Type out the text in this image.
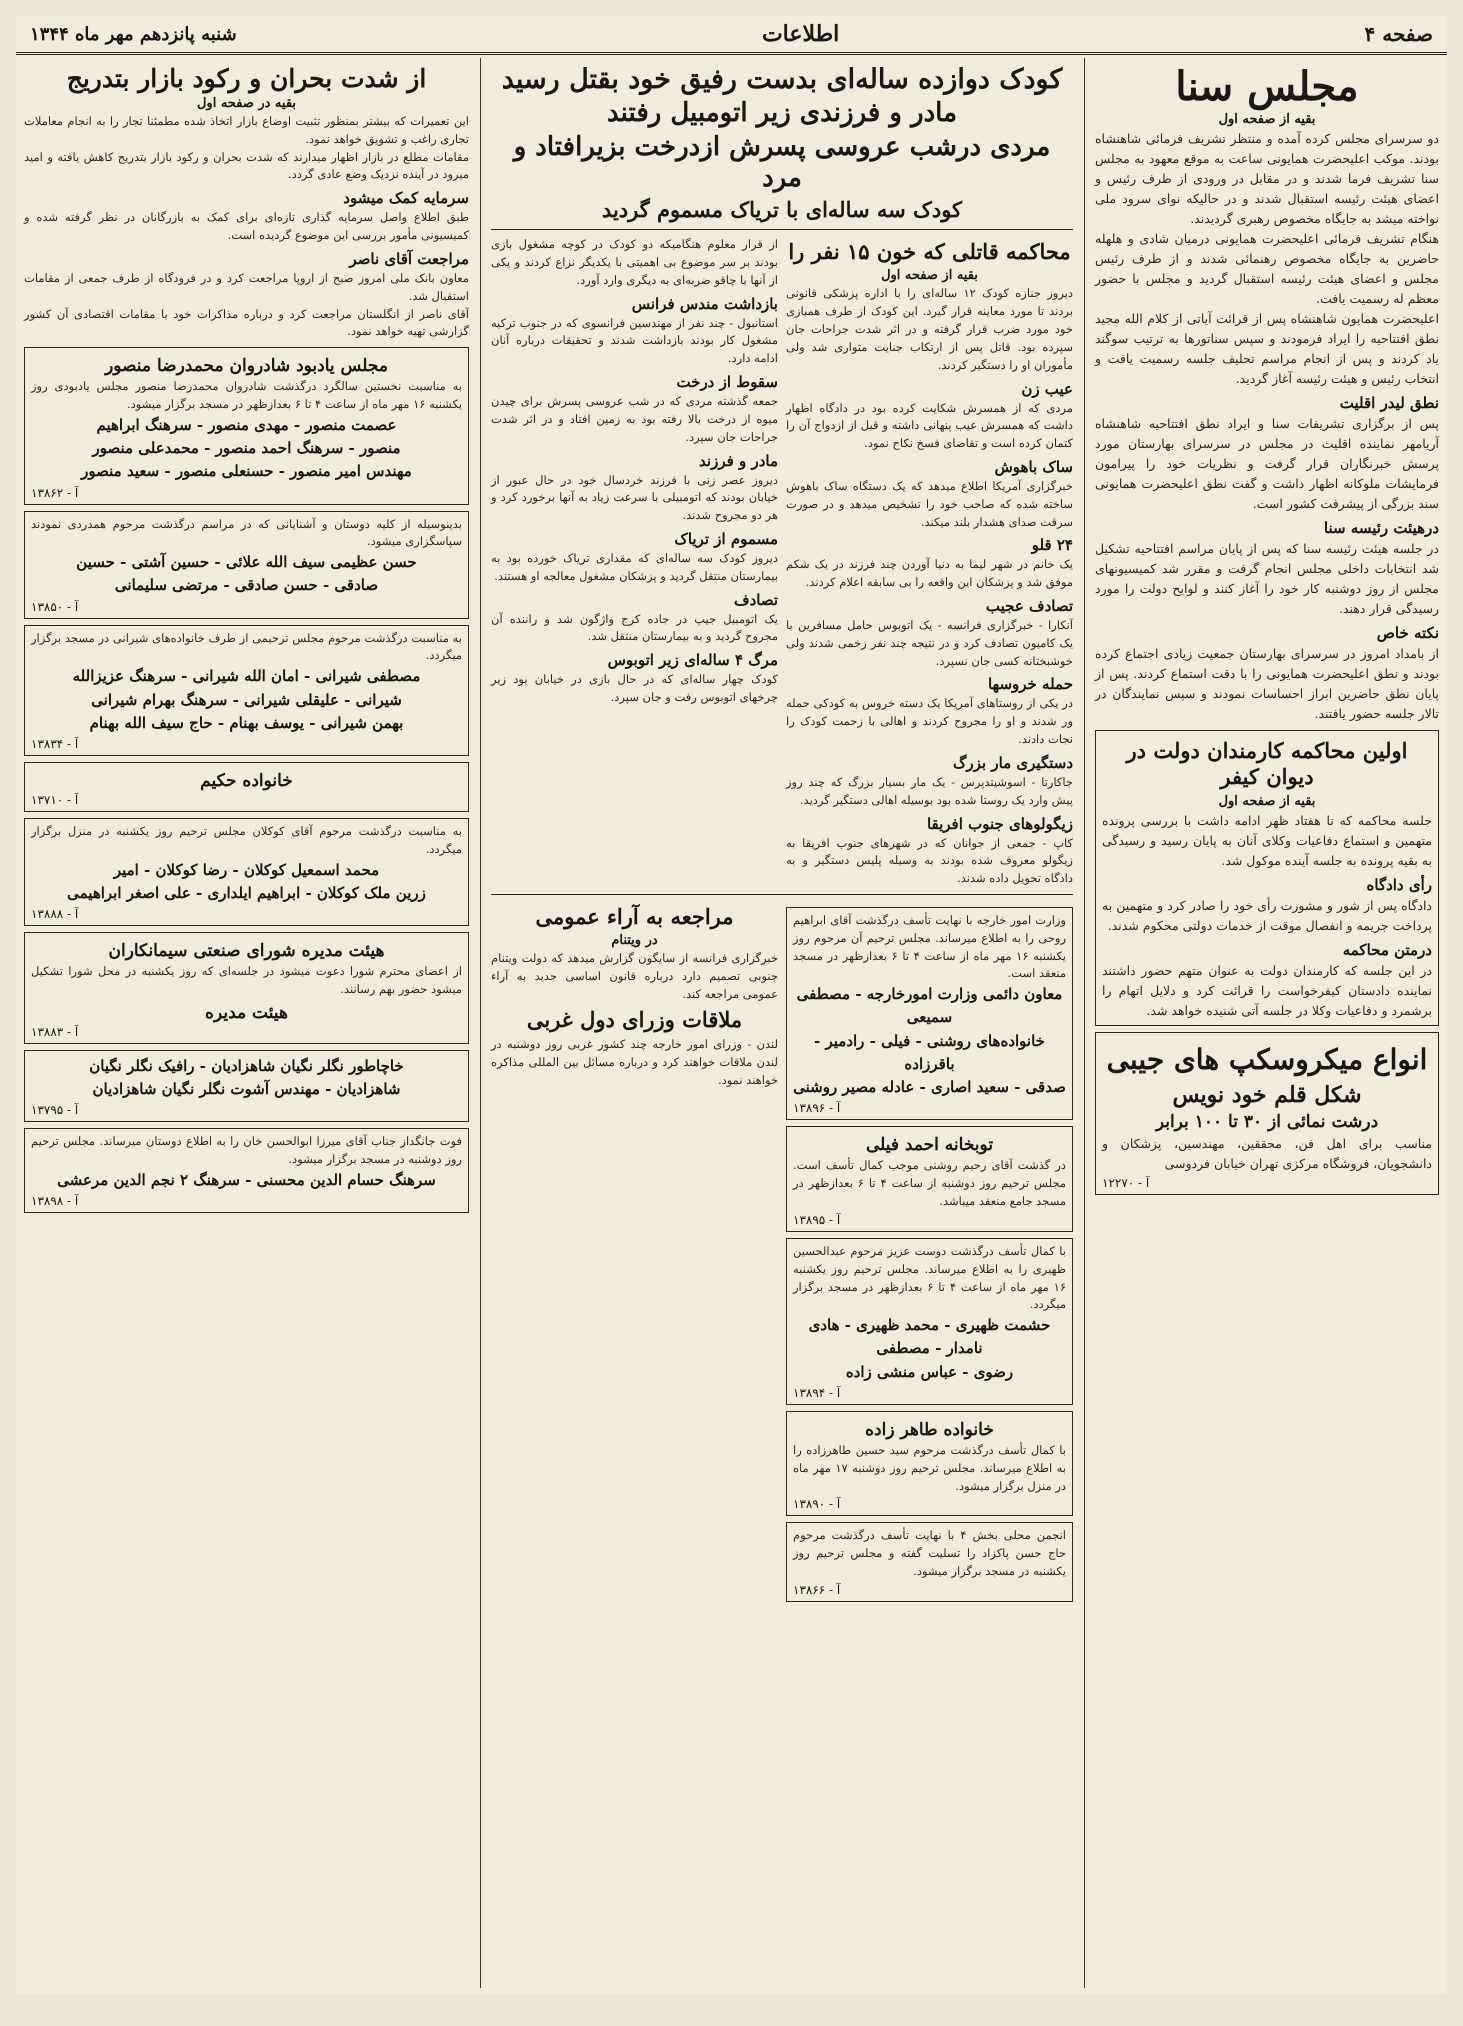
صفحه ۴
اطلاعات
شنبه پانزدهم مهر ماه ۱۳۴۴
مجلس سنا
بقیه از صفحه اول
دو سرسرای مجلس کرده آمده و منتظر تشریف فرمائی شاهنشاه بودند. موکب اعلیحضرت همایونی ساعت به موقع معهود به مجلس سنا تشریف فرما شدند و در مقابل در ورودی از طرف رئیس و اعضای هیئت رئیسه استقبال شدند و در حالیکه نوای سرود ملی نواخته میشد به جایگاه مخصوص رهبری گردیدند.
هنگام تشریف فرمائی اعلیحضرت همایونی درمیان شادی و هلهله حاضرین به جایگاه مخصوص رهنمائی شدند و از طرف رئیس مجلس و اعضای هیئت رئیسه استقبال گردید و مجلس با حضور معظم له رسمیت یافت.
اعلیحضرت همایون شاهنشاه پس از قرائت آیاتی از کلام الله مجید نطق افتتاحیه را ایراد فرمودند و سپس سناتورها به ترتیب سوگند یاد کردند و پس از انجام مراسم تحلیف جلسه رسمیت یافت و انتخاب رئیس و هیئت رئیسه آغاز گردید.
نطق لیدر اقلیت
پس از برگزاری تشریفات سنا و ایراد نطق افتتاحیه شاهنشاه آریامهر نماینده اقلیت در مجلس در سرسرای بهارستان مورد پرسش خبرنگاران قرار گرفت و نظریات خود را پیرامون فرمایشات ملوکانه اظهار داشت و گفت نطق اعلیحضرت همایونی سند بزرگی از پیشرفت کشور است.
درهیئت رئیسه سنا
در جلسه هیئت رئیسه سنا که پس از پایان مراسم افتتاحیه تشکیل شد انتخابات داخلی مجلس انجام گرفت و مقرر شد کمیسیونهای مجلس از روز دوشنبه کار خود را آغاز کنند و لوایح دولت را مورد رسیدگی قرار دهند.
نکته خاص
از بامداد امروز در سرسرای بهارستان جمعیت زیادی اجتماع کرده بودند و نطق اعلیحضرت همایونی را با دقت استماع کردند. پس از پایان نطق حاضرین ابراز احساسات نمودند و سپس نمایندگان در تالار جلسه حضور یافتند.
اولین محاکمه کارمندان دولت در دیوان کیفر
بقیه از صفحه اول
جلسه محاکمه که تا هفتاد ظهر ادامه داشت با بررسی پرونده متهمین و استماع دفاعیات وکلای آنان به پایان رسید و رسیدگی به بقیه پرونده به جلسه آینده موکول شد.
رأی دادگاه
دادگاه پس از شور و مشورت رأی خود را صادر کرد و متهمین به پرداخت جریمه و انفصال موقت از خدمات دولتی محکوم شدند.
درمتن محاکمه
در این جلسه که کارمندان دولت به عنوان متهم حضور داشتند نماینده دادستان کیفرخواست را قرائت کرد و دلایل اتهام را برشمرد و دفاعیات وکلا در جلسه آتی شنیده خواهد شد.
انواع میکروسکپ های جیبی
شکل قلم خود نویس
درشت نمائی از ۳۰ تا ۱۰۰ برابر
مناسب برای اهل فن، محققین، مهندسین، پزشکان و دانشجویان، فروشگاه مرکزی تهران خیابان فردوسی
آ - ۱۲۲۷۰
کودک دوازده ساله‌ای بدست رفیق خود بقتل رسید
مادر و فرزندی زیر اتومبیل رفتند
مردی درشب عروسی پسرش ازدرخت بزیرافتاد و مرد
کودک سه ساله‌ای با تریاک مسموم گردید
محاکمه قاتلی که خون ۱۵ نفر را
بقیه از صفحه اول
دیروز جنازه کودک ۱۲ ساله‌ای را با اداره پزشکی قانونی بردند تا مورد معاینه قرار گیرد. این کودک از طرف همبازی خود مورد ضرب قرار گرفته و در اثر شدت جراحات جان سپرده بود. قاتل پس از ارتکاب جنایت متواری شد ولی مأموران او را دستگیر کردند.
عیب زن
مردی که از همسرش شکایت کرده بود در دادگاه اظهار داشت که همسرش عیب پنهانی داشته و قبل از ازدواج آن را کتمان کرده است و تقاضای فسخ نکاح نمود.
ساک باهوش
خبرگزاری آمریکا اطلاع میدهد که یک دستگاه ساک باهوش ساخته شده که صاحب خود را تشخیص میدهد و در صورت سرقت صدای هشدار بلند میکند.
۲۴ قلو
یک خانم در شهر لیما به دنیا آوردن چند فرزند در یک شکم موفق شد و پزشکان این واقعه را بی سابقه اعلام کردند.
تصادف عجیب
آنکارا - خبرگزاری فرانسه - یک اتوبوس حامل مسافرین با یک کامیون تصادف کرد و در نتیجه چند نفر زخمی شدند ولی خوشبختانه کسی جان نسپرد.
حمله خروسها
در یکی از روستاهای آمریکا یک دسته خروس به کودکی حمله ور شدند و او را مجروح کردند و اهالی با زحمت کودک را نجات دادند.
دستگیری مار بزرگ
جاکارتا - اسوشیتدپرس - یک مار بسیار بزرگ که چند روز پیش وارد یک روستا شده بود بوسیله اهالی دستگیر گردید.
زیگولوهای جنوب افریقا
کاپ - جمعی از جوانان که در شهرهای جنوب افریقا به زیگولو معروف شده بودند به وسیله پلیس دستگیر و به دادگاه تحویل داده شدند.
از قرار معلوم هنگامیکه دو کودک در کوچه مشغول بازی بودند بر سر موضوع بی اهمیتی با یکدیگر نزاع کردند و یکی از آنها با چاقو ضربه‌ای به دیگری وارد آورد.
بازداشت مندس فرانس
استانبول - چند نفر از مهندسین فرانسوی که در جنوب ترکیه مشغول کار بودند بازداشت شدند و تحقیقات درباره آنان ادامه دارد.
سقوط از درخت
جمعه گذشته مردی که در شب عروسی پسرش برای چیدن میوه از درخت بالا رفته بود به زمین افتاد و در اثر شدت جراحات جان سپرد.
مادر و فرزند
دیروز عصر زنی با فرزند خردسال خود در حال عبور از خیابان بودند که اتومبیلی با سرعت زیاد به آنها برخورد کرد و هر دو مجروح شدند.
مسموم از تریاک
دیروز کودک سه ساله‌ای که مقداری تریاک خورده بود به بیمارستان منتقل گردید و پزشکان مشغول معالجه او هستند.
تصادف
یک اتومبیل جیپ در جاده کرج واژگون شد و راننده آن مجروح گردید و به بیمارستان منتقل شد.
مرگ ۴ ساله‌ای زیر اتوبوس
کودک چهار ساله‌ای که در حال بازی در خیابان بود زیر چرخهای اتوبوس رفت و جان سپرد.
وزارت امور خارجه با نهایت تأسف درگذشت آقای ابراهیم روحی را به اطلاع میرساند. مجلس ترحیم آن مرحوم روز یکشنبه ۱۶ مهر ماه از ساعت ۴ تا ۶ بعدازظهر در مسجد منعقد است.
معاون دائمی وزارت امورخارجه - مصطفی سمیعی
خانواده‌های روشنی - فیلی - رادمیر - باقرزاده
صدقی - سعید اصاری - عادله مصیر روشنی
آ - ۱۳۸۹۶
توبخانه احمد فیلی
در گذشت آقای رحیم روشنی موجب کمال تأسف است. مجلس ترحیم روز دوشنبه از ساعت ۴ تا ۶ بعدازظهر در مسجد جامع منعقد میباشد.
آ - ۱۳۸۹۵
با کمال تأسف درگذشت دوست عزیز مرحوم عبدالحسین ظهیری را به اطلاع میرساند. مجلس ترحیم روز یکشنبه ۱۶ مهر ماه از ساعت ۴ تا ۶ بعدازظهر در مسجد برگزار میگردد.
حشمت ظهیری - محمد ظهیری - هادی نامدار - مصطفی
رضوی - عباس منشی زاده
آ - ۱۳۸۹۴
خانواده طاهر زاده
با کمال تأسف درگذشت مرحوم سید حسین طاهرزاده را به اطلاع میرساند. مجلس ترحیم روز دوشنبه ۱۷ مهر ماه در منزل برگزار میشود.
آ - ۱۳۸۹۰
انجمن محلی بخش ۴ با نهایت تأسف درگذشت مرحوم حاج حسن پاکزاد را تسلیت گفته و مجلس ترحیم روز یکشنبه در مسجد برگزار میشود.
آ - ۱۳۸۶۶
مراجعه به آراء عمومی
در ویتنام
خبرگزاری فرانسه از سایگون گزارش میدهد که دولت ویتنام جنوبی تصمیم دارد درباره قانون اساسی جدید به آراء عمومی مراجعه کند.
ملاقات وزرای دول غربی
لندن - وزرای امور خارجه چند کشور غربی روز دوشنبه در لندن ملاقات خواهند کرد و درباره مسائل بین المللی مذاکره خواهند نمود.
از شدت بحران و رکود بازار بتدریج
بقیه در صفحه اول
این تعمیرات که بیشتر بمنظور تثبیت اوضاع بازار اتخاذ شده مطمئنا تجار را به انجام معاملات تجاری راغب و تشویق خواهد نمود.
مقامات مطلع در بازار اظهار میدارند که شدت بحران و رکود بازار بتدریج کاهش یافته و امید میرود در آینده نزدیک وضع عادی گردد.
سرمایه کمک میشود
طبق اطلاع واصل سرمایه گذاری تازه‌ای برای کمک به بازرگانان در نظر گرفته شده و کمیسیونی مأمور بررسی این موضوع گردیده است.
مراجعت آقای ناصر
معاون بانک ملی امروز صبح از اروپا مراجعت کرد و در فرودگاه از طرف جمعی از مقامات استقبال شد.
آقای ناصر از انگلستان مراجعت کرد و درباره مذاکرات خود با مقامات اقتصادی آن کشور گزارشی تهیه خواهد نمود.
مجلس یادبود شادروان محمدرضا منصور
به مناسبت نخستین سالگرد درگذشت شادروان محمدرضا منصور مجلس یادبودی روز یکشنبه ۱۶ مهر ماه از ساعت ۴ تا ۶ بعدازظهر در مسجد برگزار میشود.
عصمت منصور - مهدی منصور - سرهنگ ابراهیم
منصور - سرهنگ احمد منصور - محمدعلی منصور
مهندس امیر منصور - حسنعلی منصور - سعید منصور
آ - ۱۳۸۶۲
بدینوسیله از کلیه دوستان و آشنایانی که در مراسم درگذشت مرحوم همدردی نمودند سپاسگزاری میشود.
حسن عظیمی سیف الله علائی - حسین آشتی - حسین
صادقی - حسن صادقی - مرتضی سلیمانی
آ - ۱۳۸۵۰
به مناسبت درگذشت مرحوم مجلس ترحیمی از طرف خانواده‌های شیرانی در مسجد برگزار میگردد.
مصطفی شیرانی - امان الله شیرانی - سرهنگ عزیزالله
شیرانی - علیقلی شیرانی - سرهنگ بهرام شیرانی
بهمن شیرانی - یوسف بهنام - حاج سیف الله بهنام
آ - ۱۳۸۳۴
خانواده حکیم
آ - ۱۳۷۱۰
به مناسبت درگذشت مرحوم آقای کوکلان مجلس ترحیم روز یکشنبه در منزل برگزار میگردد.
محمد اسمعیل کوکلان - رضا کوکلان - امیر
زرین ملک کوکلان - ابراهیم ایلداری - علی اصغر ابراهیمی
آ - ۱۳۸۸۸
هیئت مدیره شورای صنعتی سیمانکاران
از اعضای محترم شورا دعوت میشود در جلسه‌ای که روز یکشنبه در محل شورا تشکیل میشود حضور بهم رسانند.
هیئت مدیره
آ - ۱۳۸۸۳
خاچاطور نگلر نگیان شاهزادیان - رافیک نگلر نگیان
شاهزادیان - مهندس آشوت نگلر نگیان شاهزادیان
آ - ۱۳۷۹۵
فوت جانگداز جناب آقای میرزا ابوالحسن خان را به اطلاع دوستان میرساند. مجلس ترحیم روز دوشنبه در مسجد برگزار میشود.
سرهنگ حسام الدین محسنی - سرهنگ ۲ نجم الدین مرعشی
آ - ۱۳۸۹۸
